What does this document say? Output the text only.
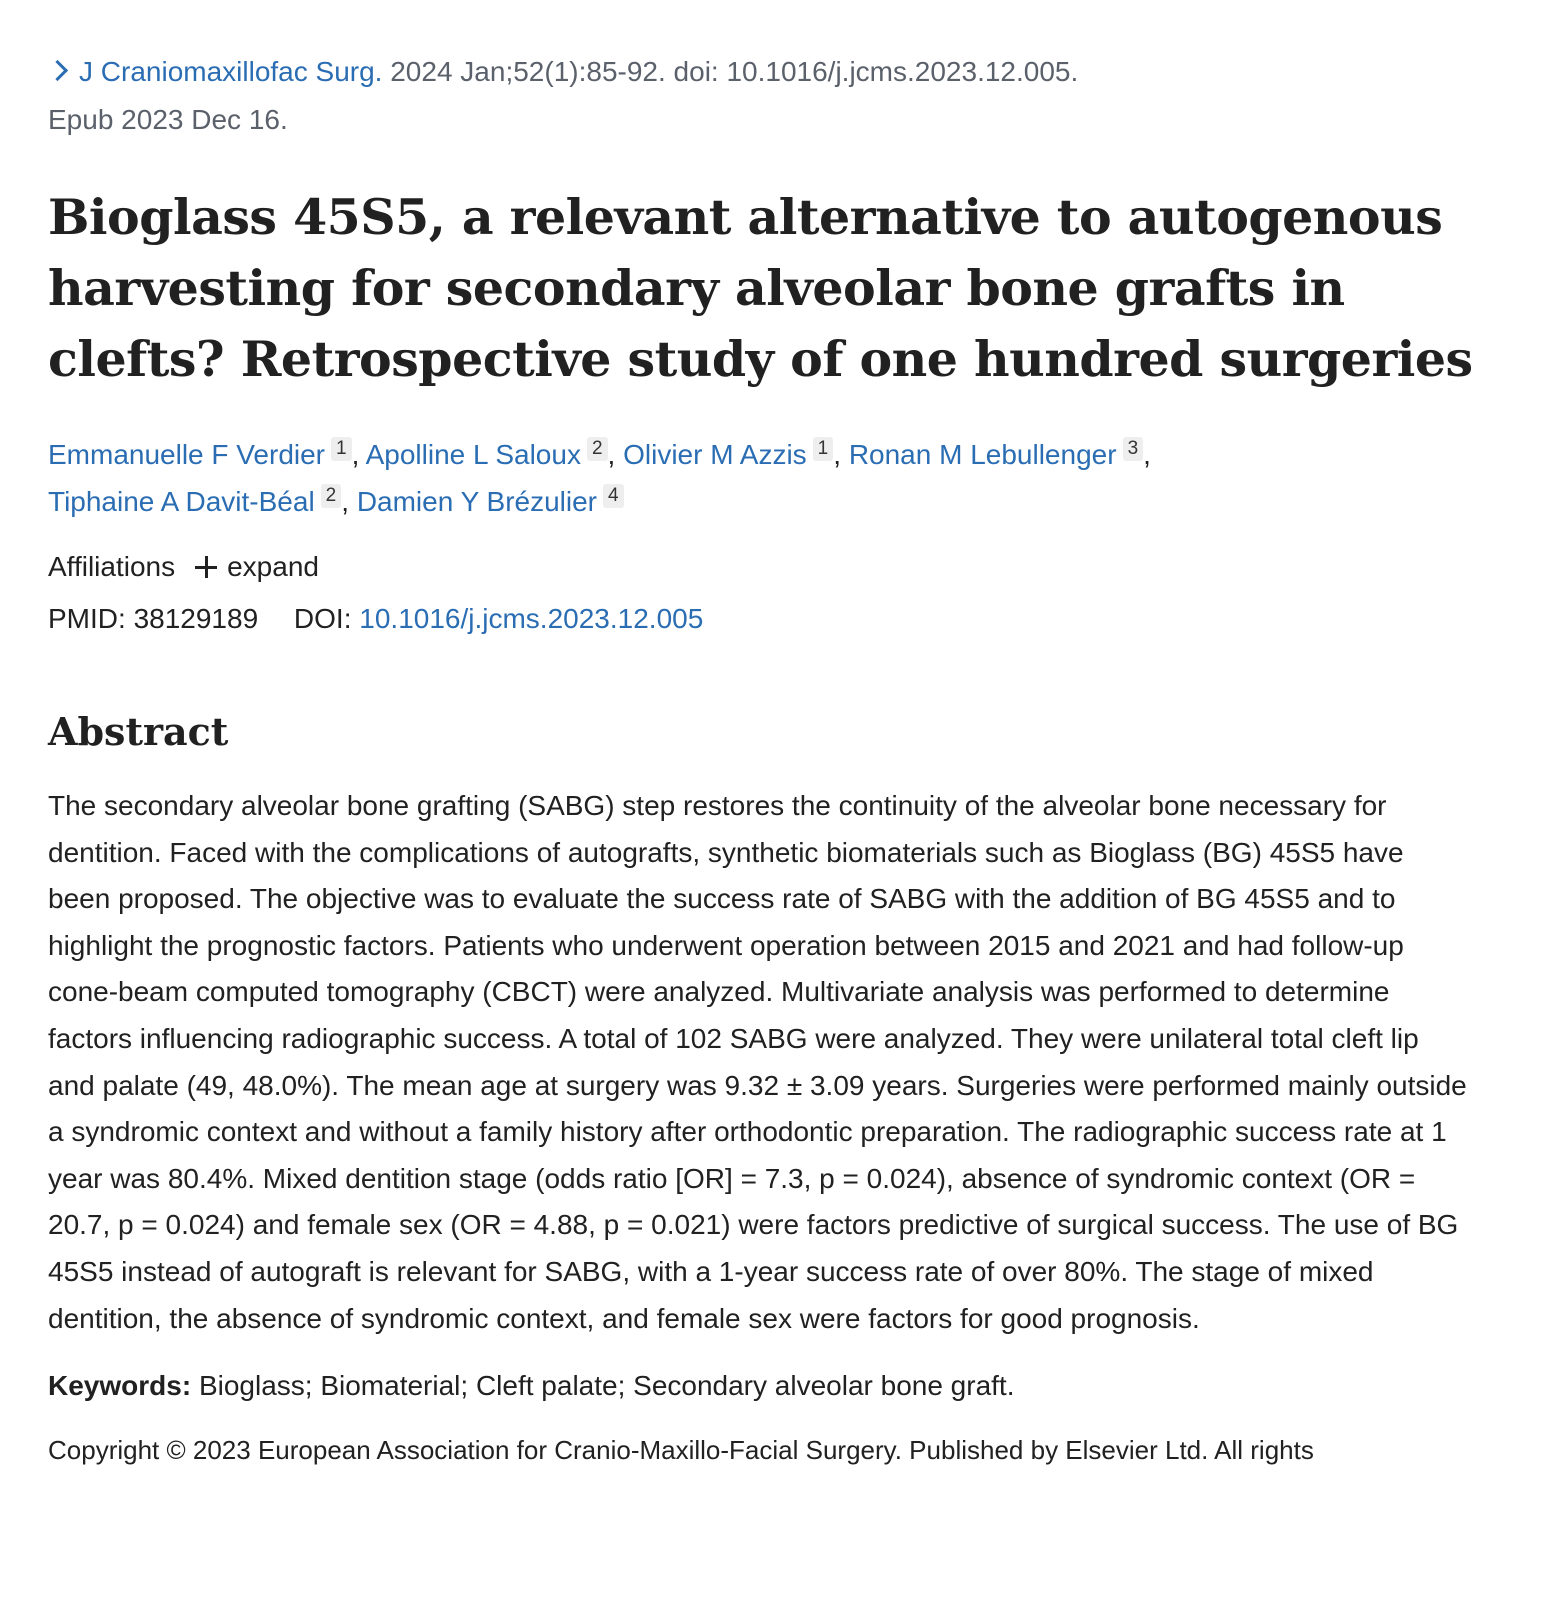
J Craniomaxillofac Surg. 2024 Jan;52(1):85-92. doi: 10.1016/j.jcms.2023.12.005.
Epub 2023 Dec 16.
Bioglass 45S5, a relevant alternative to autogenous harvesting for secondary alveolar bone grafts in clefts? Retrospective study of one hundred surgeries
Emmanuelle F Verdier 1 , Apolline L Saloux 2 , Olivier M Azzis 1 , Ronan M Lebullenger 3 ,
Tiphaine A Davit-Béal 2 , Damien Y Brézulier 4
Affiliations expand
PMID: 38129189 DOI: 10.1016/j.jcms.2023.12.005
Abstract
The secondary alveolar bone grafting (SABG) step restores the continuity of the alveolar bone necessary for dentition. Faced with the complications of autografts, synthetic biomaterials such as Bioglass (BG) 45S5 have been proposed. The objective was to evaluate the success rate of SABG with the addition of BG 45S5 and to highlight the prognostic factors. Patients who underwent operation between 2015 and 2021 and had follow-up cone-beam computed tomography (CBCT) were analyzed. Multivariate analysis was performed to determine factors influencing radiographic success. A total of 102 SABG were analyzed. They were unilateral total cleft lip and palate (49, 48.0%). The mean age at surgery was 9.32 ± 3.09 years. Surgeries were performed mainly outside a syndromic context and without a family history after orthodontic preparation. The radiographic success rate at 1 year was 80.4%. Mixed dentition stage (odds ratio [OR] = 7.3, p = 0.024), absence of syndromic context (OR = 20.7, p = 0.024) and female sex (OR = 4.88, p = 0.021) were factors predictive of surgical success. The use of BG 45S5 instead of autograft is relevant for SABG, with a 1-year success rate of over 80%. The stage of mixed dentition, the absence of syndromic context, and female sex were factors for good prognosis.
Keywords: Bioglass; Biomaterial; Cleft palate; Secondary alveolar bone graft.
Copyright © 2023 European Association for Cranio-Maxillo-Facial Surgery. Published by Elsevier Ltd. All rights
